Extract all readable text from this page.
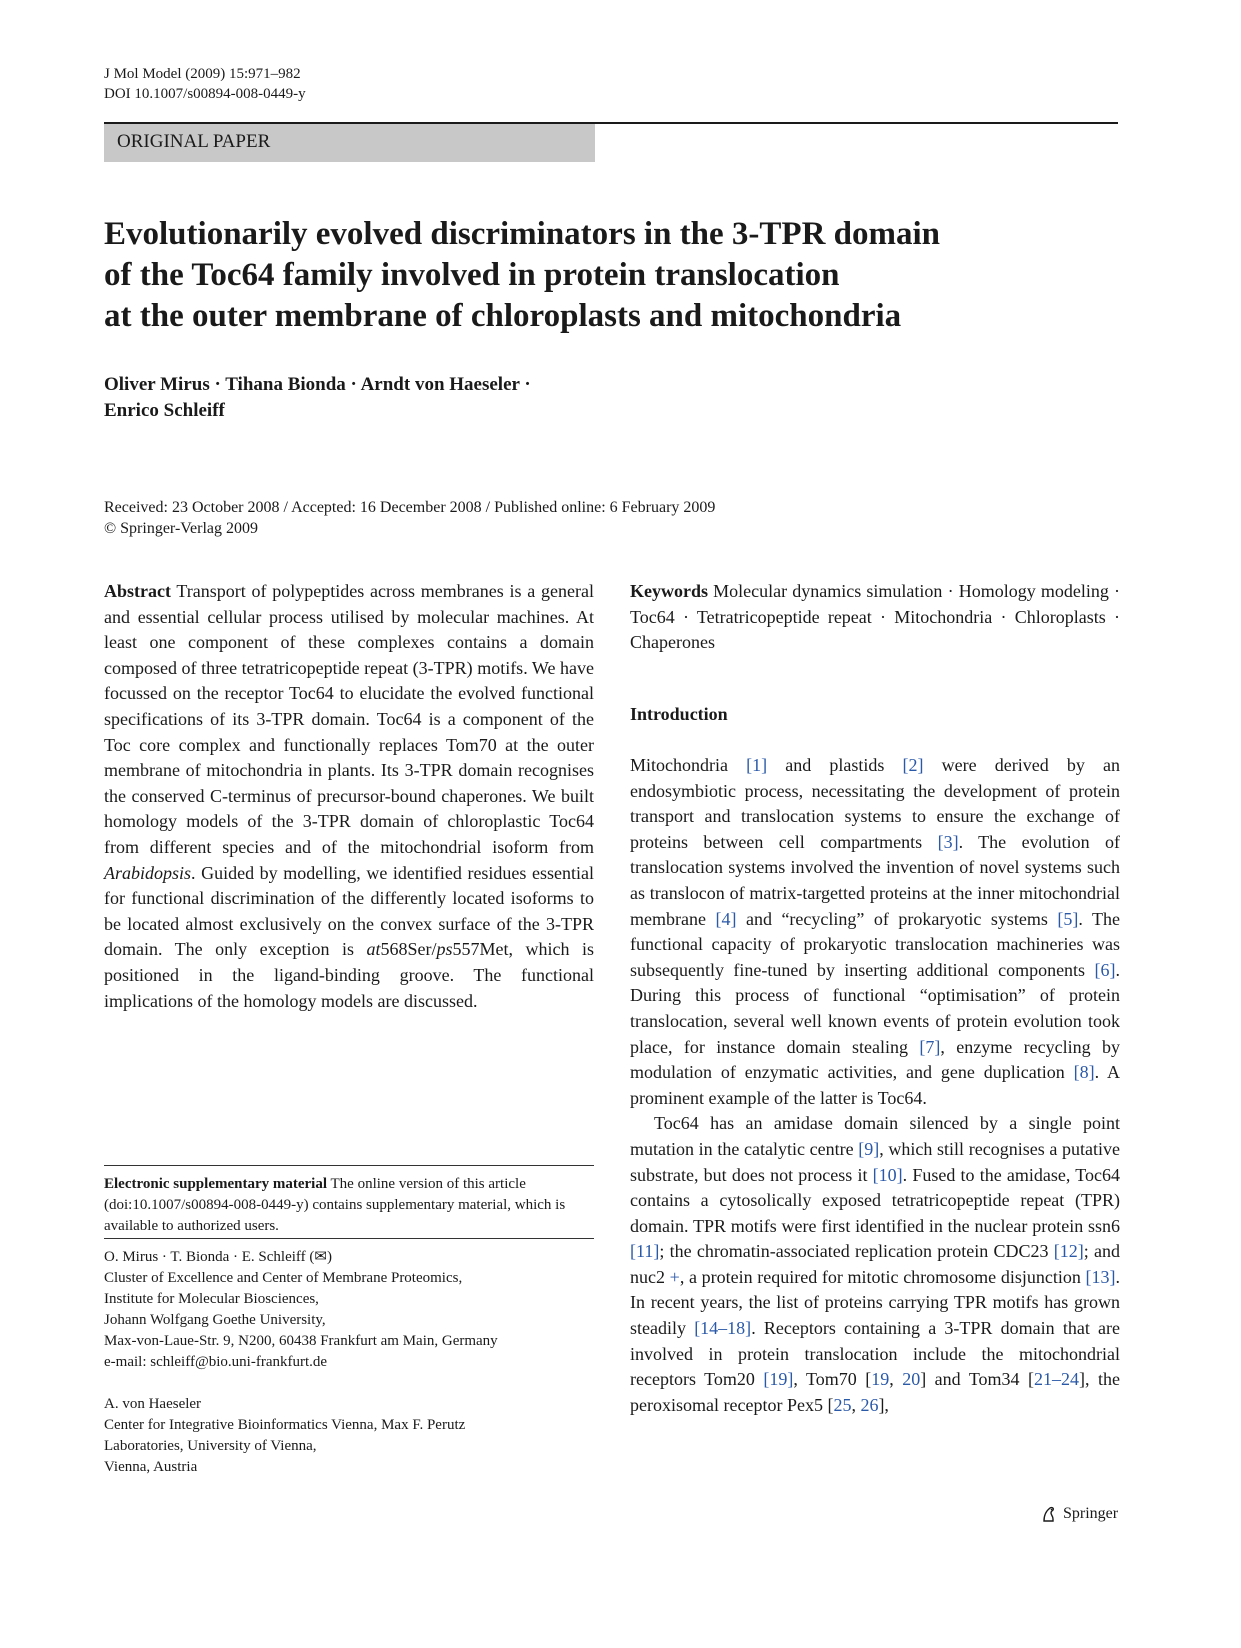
J Mol Model (2009) 15:971–982
DOI 10.1007/s00894-008-0449-y
ORIGINAL PAPER
Evolutionarily evolved discriminators in the 3-TPR domain
of the Toc64 family involved in protein translocation
at the outer membrane of chloroplasts and mitochondria
Oliver Mirus · Tihana Bionda · Arndt von Haeseler ·
Enrico Schleiff
Received: 23 October 2008 / Accepted: 16 December 2008 / Published online: 6 February 2009
© Springer-Verlag 2009
Abstract Transport of polypeptides across membranes is a general and essential cellular process utilised by molecular machines. At least one component of these complexes contains a domain composed of three tetratricopeptide repeat (3-TPR) motifs. We have focussed on the receptor Toc64 to elucidate the evolved functional specifications of its 3-TPR domain. Toc64 is a component of the Toc core complex and functionally replaces Tom70 at the outer membrane of mitochondria in plants. Its 3-TPR domain recognises the conserved C-terminus of precursor-bound chaperones. We built homology models of the 3-TPR domain of chloroplastic Toc64 from different species and of the mitochondrial isoform from Arabidopsis. Guided by modelling, we identified residues essential for functional discrimination of the differently located isoforms to be located almost exclusively on the convex surface of the 3-TPR domain. The only exception is at568Ser/ps557Met, which is positioned in the ligand-binding groove. The functional implications of the homology models are discussed.
Electronic supplementary material The online version of this article (doi:10.1007/s00894-008-0449-y) contains supplementary material, which is available to authorized users.
O. Mirus · T. Bionda · E. Schleiff (✉)
Cluster of Excellence and Center of Membrane Proteomics,
Institute for Molecular Biosciences,
Johann Wolfgang Goethe University,
Max-von-Laue-Str. 9, N200, 60438 Frankfurt am Main, Germany
e-mail: schleiff@bio.uni-frankfurt.de
A. von Haeseler
Center for Integrative Bioinformatics Vienna, Max F. Perutz
Laboratories, University of Vienna,
Vienna, Austria
Keywords Molecular dynamics simulation · Homology modeling · Toc64 · Tetratricopeptide repeat · Mitochondria · Chloroplasts · Chaperones
Introduction
Mitochondria [1] and plastids [2] were derived by an endosymbiotic process, necessitating the development of protein transport and translocation systems to ensure the exchange of proteins between cell compartments [3]. The evolution of translocation systems involved the invention of novel systems such as translocon of matrix-targetted proteins at the inner mitochondrial membrane [4] and “recycling” of prokaryotic systems [5]. The functional capacity of prokaryotic translocation machineries was subsequently fine-tuned by inserting additional components [6]. During this process of functional “optimisation” of protein translocation, several well known events of protein evolution took place, for instance domain stealing [7], enzyme recycling by modulation of enzymatic activities, and gene duplication [8]. A prominent example of the latter is Toc64.
Toc64 has an amidase domain silenced by a single point mutation in the catalytic centre [9], which still recognises a putative substrate, but does not process it [10]. Fused to the amidase, Toc64 contains a cytosolically exposed tetratricopeptide repeat (TPR) domain. TPR motifs were first identified in the nuclear protein ssn6 [11]; the chromatin-associated replication protein CDC23 [12]; and nuc2 +, a protein required for mitotic chromosome disjunction [13]. In recent years, the list of proteins carrying TPR motifs has grown steadily [14–18]. Receptors containing a 3-TPR domain that are involved in protein translocation include the mitochondrial receptors Tom20 [19], Tom70 [19, 20] and Tom34 [21–24], the peroxisomal receptor Pex5 [25, 26],
Springer
